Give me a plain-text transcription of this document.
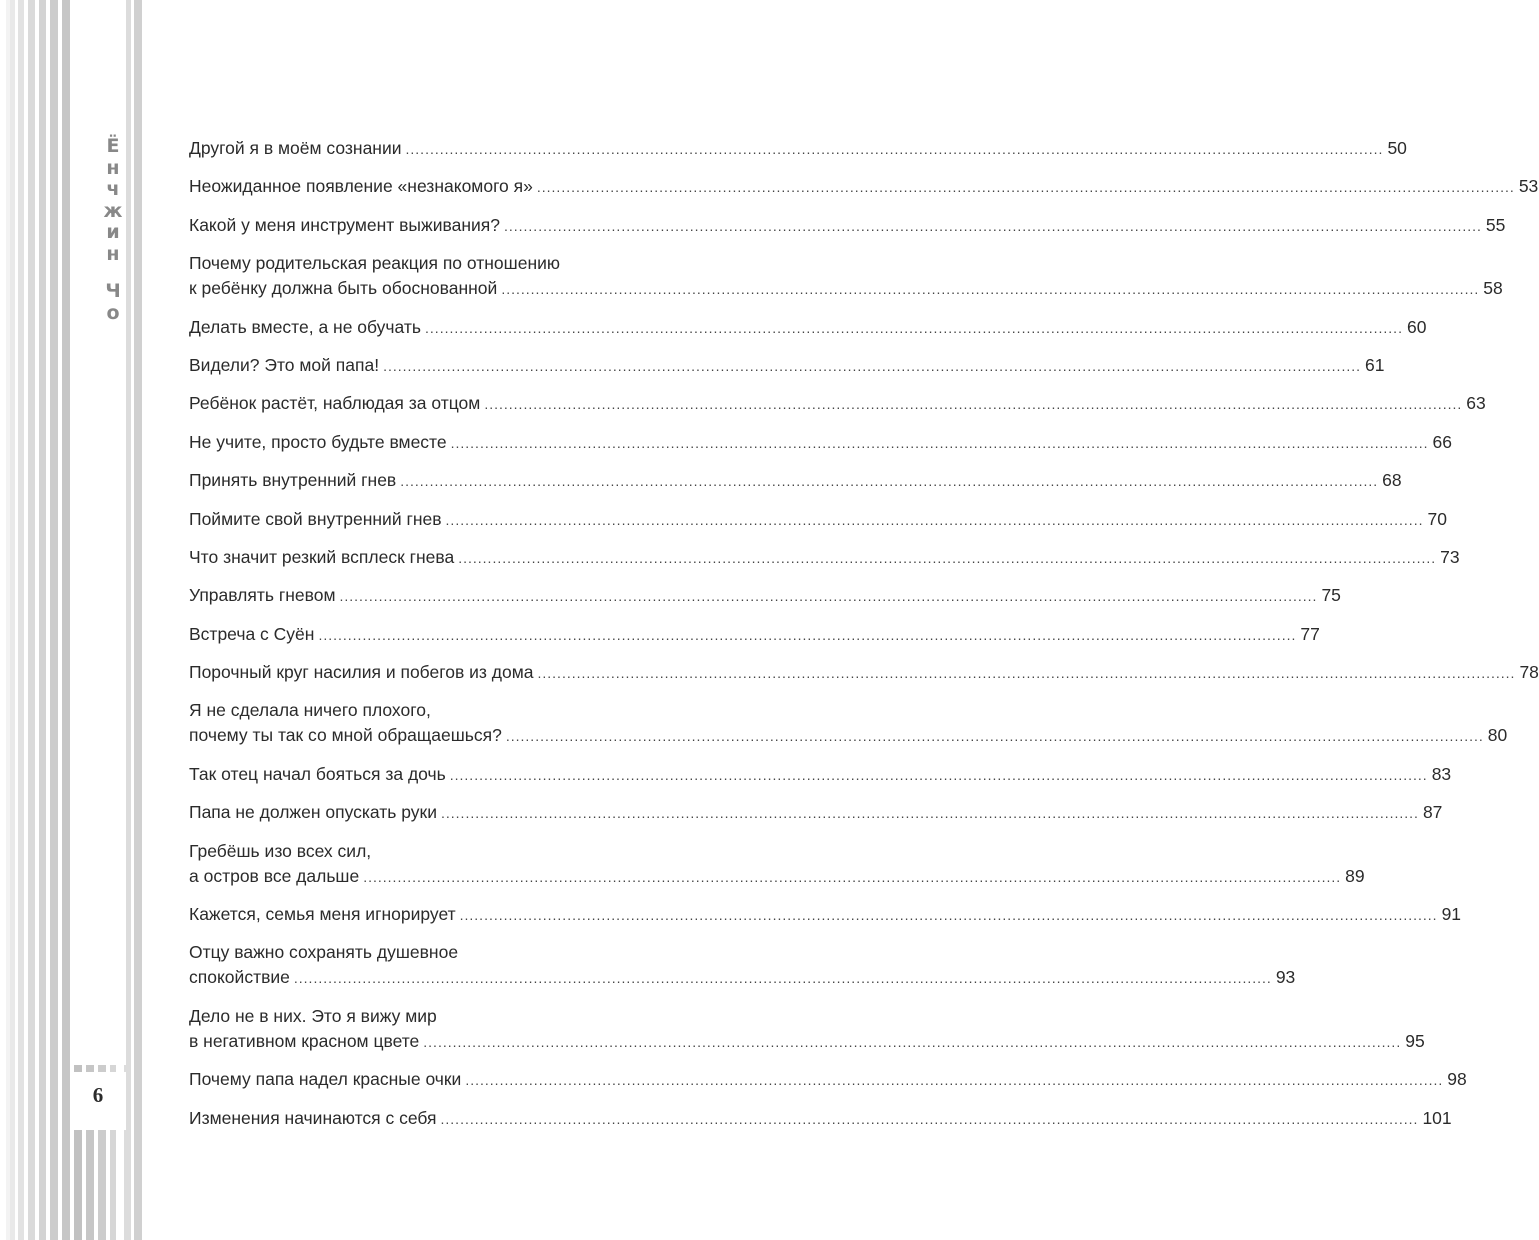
Ё
н
ч
ж
и
н
Ч
о
6
Другой я в моём сознании ........................................................................................................................................................................................................ 50
Неожиданное появление «незнакомого я» ........................................................................................................................................................................................................ 53
Какой у меня инструмент выживания? ........................................................................................................................................................................................................ 55
Почему родительская реакция по отношению
к ребёнку должна быть обоснованной ........................................................................................................................................................................................................ 58
Делать вместе, а не обучать ........................................................................................................................................................................................................ 60
Видели? Это мой папа! ........................................................................................................................................................................................................ 61
Ребёнок растёт, наблюдая за отцом ........................................................................................................................................................................................................ 63
Не учите, просто будьте вместе ........................................................................................................................................................................................................ 66
Принять внутренний гнев ........................................................................................................................................................................................................ 68
Поймите свой внутренний гнев ........................................................................................................................................................................................................ 70
Что значит резкий всплеск гнева ........................................................................................................................................................................................................ 73
Управлять гневом ........................................................................................................................................................................................................ 75
Встреча с Суён ........................................................................................................................................................................................................ 77
Порочный круг насилия и побегов из дома ........................................................................................................................................................................................................ 78
Я не сделала ничего плохого,
почему ты так со мной обращаешься? ........................................................................................................................................................................................................ 80
Так отец начал бояться за дочь ........................................................................................................................................................................................................ 83
Папа не должен опускать руки ........................................................................................................................................................................................................ 87
Гребёшь изо всех сил,
а остров все дальше ........................................................................................................................................................................................................ 89
Кажется, семья меня игнорирует ........................................................................................................................................................................................................ 91
Отцу важно сохранять душевное
спокойствие ........................................................................................................................................................................................................ 93
Дело не в них. Это я вижу мир
в негативном красном цвете ........................................................................................................................................................................................................ 95
Почему папа надел красные очки ........................................................................................................................................................................................................ 98
Изменения начинаются с себя ........................................................................................................................................................................................................ 101
